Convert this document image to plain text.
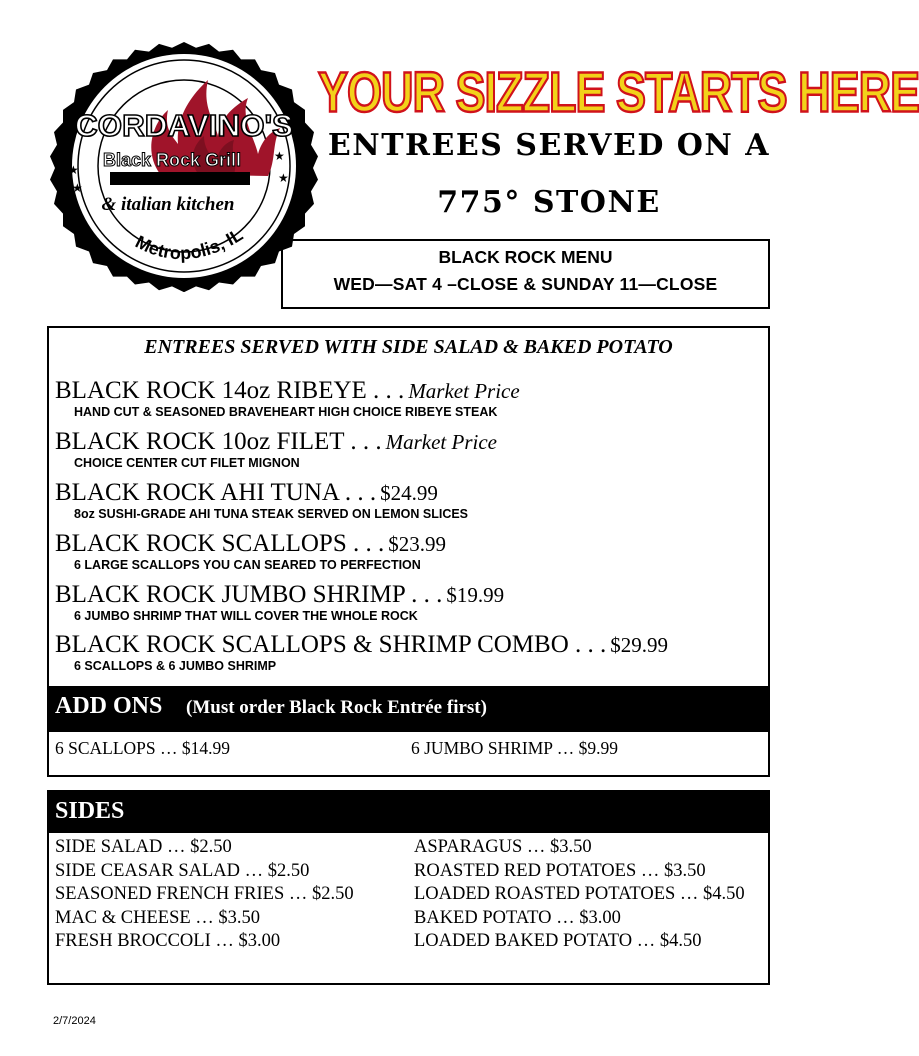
CORDAVINO'S
Black Rock Grill
& italian kitchen
★
★
★
★
Metropolis, IL
YOUR SIZZLE STARTS HERE
ENTREES SERVED ON A
775° STONE
BLACK ROCK MENU
WED—SAT 4 –CLOSE & SUNDAY 11—CLOSE
ENTREES SERVED WITH SIDE SALAD & BAKED POTATO
BLACK ROCK 14oz RIBEYE . . . Market Price
HAND CUT & SEASONED BRAVEHEART HIGH CHOICE RIBEYE STEAK
BLACK ROCK 10oz FILET . . . Market Price
CHOICE CENTER CUT FILET MIGNON
BLACK ROCK AHI TUNA . . . $24.99
8oz SUSHI-GRADE AHI TUNA STEAK SERVED ON LEMON SLICES
BLACK ROCK SCALLOPS . . . $23.99
6 LARGE SCALLOPS YOU CAN SEARED TO PERFECTION
BLACK ROCK JUMBO SHRIMP . . . $19.99
6 JUMBO SHRIMP THAT WILL COVER THE WHOLE ROCK
BLACK ROCK SCALLOPS & SHRIMP COMBO . . . $29.99
6 SCALLOPS & 6 JUMBO SHRIMP
ADD ONS (Must order Black Rock Entrée first)
6 SCALLOPS … $14.99	6 JUMBO SHRIMP … $9.99
SIDES
SIDE SALAD … $2.50
SIDE CEASAR SALAD … $2.50
SEASONED FRENCH FRIES … $2.50
MAC & CHEESE … $3.50
FRESH BROCCOLI … $3.00
ASPARAGUS … $3.50
ROASTED RED POTATOES … $3.50
LOADED ROASTED POTATOES … $4.50
BAKED POTATO … $3.00
LOADED BAKED POTATO … $4.50
2/7/2024
